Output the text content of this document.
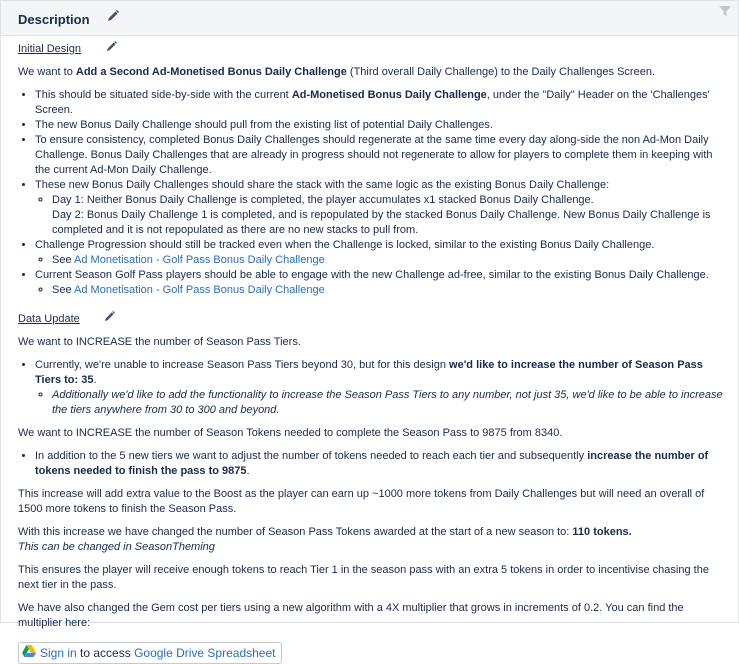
Description
Initial Design

We want to Add a Second Ad-Monetised Bonus Daily Challenge (Third overall Daily Challenge) to the Daily Challenges Screen.

• This should be situated side-by-side with the current Ad-Monetised Bonus Daily Challenge, under the "Daily" Header on the 'Challenges' Screen.
• The new Bonus Daily Challenge should pull from the existing list of potential Daily Challenges.
• To ensure consistency, completed Bonus Daily Challenges should regenerate at the same time every day along-side the non Ad-Mon Daily Challenge. Bonus Daily Challenges that are already in progress should not regenerate to allow for players to complete them in keeping with the current Ad-Mon Daily Challenge.
• These new Bonus Daily Challenges should share the stack with the same logic as the existing Bonus Daily Challenge:
◦ Day 1: Neither Bonus Daily Challenge is completed, the player accumulates x1 stacked Bonus Daily Challenge.
Day 2: Bonus Daily Challenge 1 is completed, and is repopulated by the stacked Bonus Daily Challenge. New Bonus Daily Challenge is completed and it is not repopulated as there are no new stacks to pull from.
• Challenge Progression should still be tracked even when the Challenge is locked, similar to the existing Bonus Daily Challenge.
◦ See Ad Monetisation - Golf Pass Bonus Daily Challenge
• Current Season Golf Pass players should be able to engage with the new Challenge ad-free, similar to the existing Bonus Daily Challenge.
◦ See Ad Monetisation - Golf Pass Bonus Daily Challenge
Data Update

We want to INCREASE the number of Season Pass Tiers.

• Currently, we're unable to increase Season Pass Tiers beyond 30, but for this design we'd like to increase the number of Season Pass Tiers to: 35.
◦ Additionally we'd like to add the functionality to increase the Season Pass Tiers to any number, not just 35, we'd like to be able to increase the tiers anywhere from 30 to 300 and beyond.

We want to INCREASE the number of Season Tokens needed to complete the Season Pass to 9875 from 8340.

• In addition to the 5 new tiers we want to adjust the number of tokens needed to reach each tier and subsequently increase the number of tokens needed to finish the pass to 9875.

This increase will add extra value to the Boost as the player can earn up ~1000 more tokens from Daily Challenges but will need an overall of 1500 more tokens to finish the Season Pass.

With this increase we have changed the number of Season Pass Tokens awarded at the start of a new season to: 110 tokens.
This can be changed in SeasonTheming

This ensures the player will receive enough tokens to reach Tier 1 in the season pass with an extra 5 tokens in order to incentivise chasing the next tier in the pass.

We have also changed the Gem cost per tiers using a new algorithm with a 4X multiplier that grows in increments of 0.2. You can find the multiplier here:

Sign in to access Google Drive Spreadsheet
